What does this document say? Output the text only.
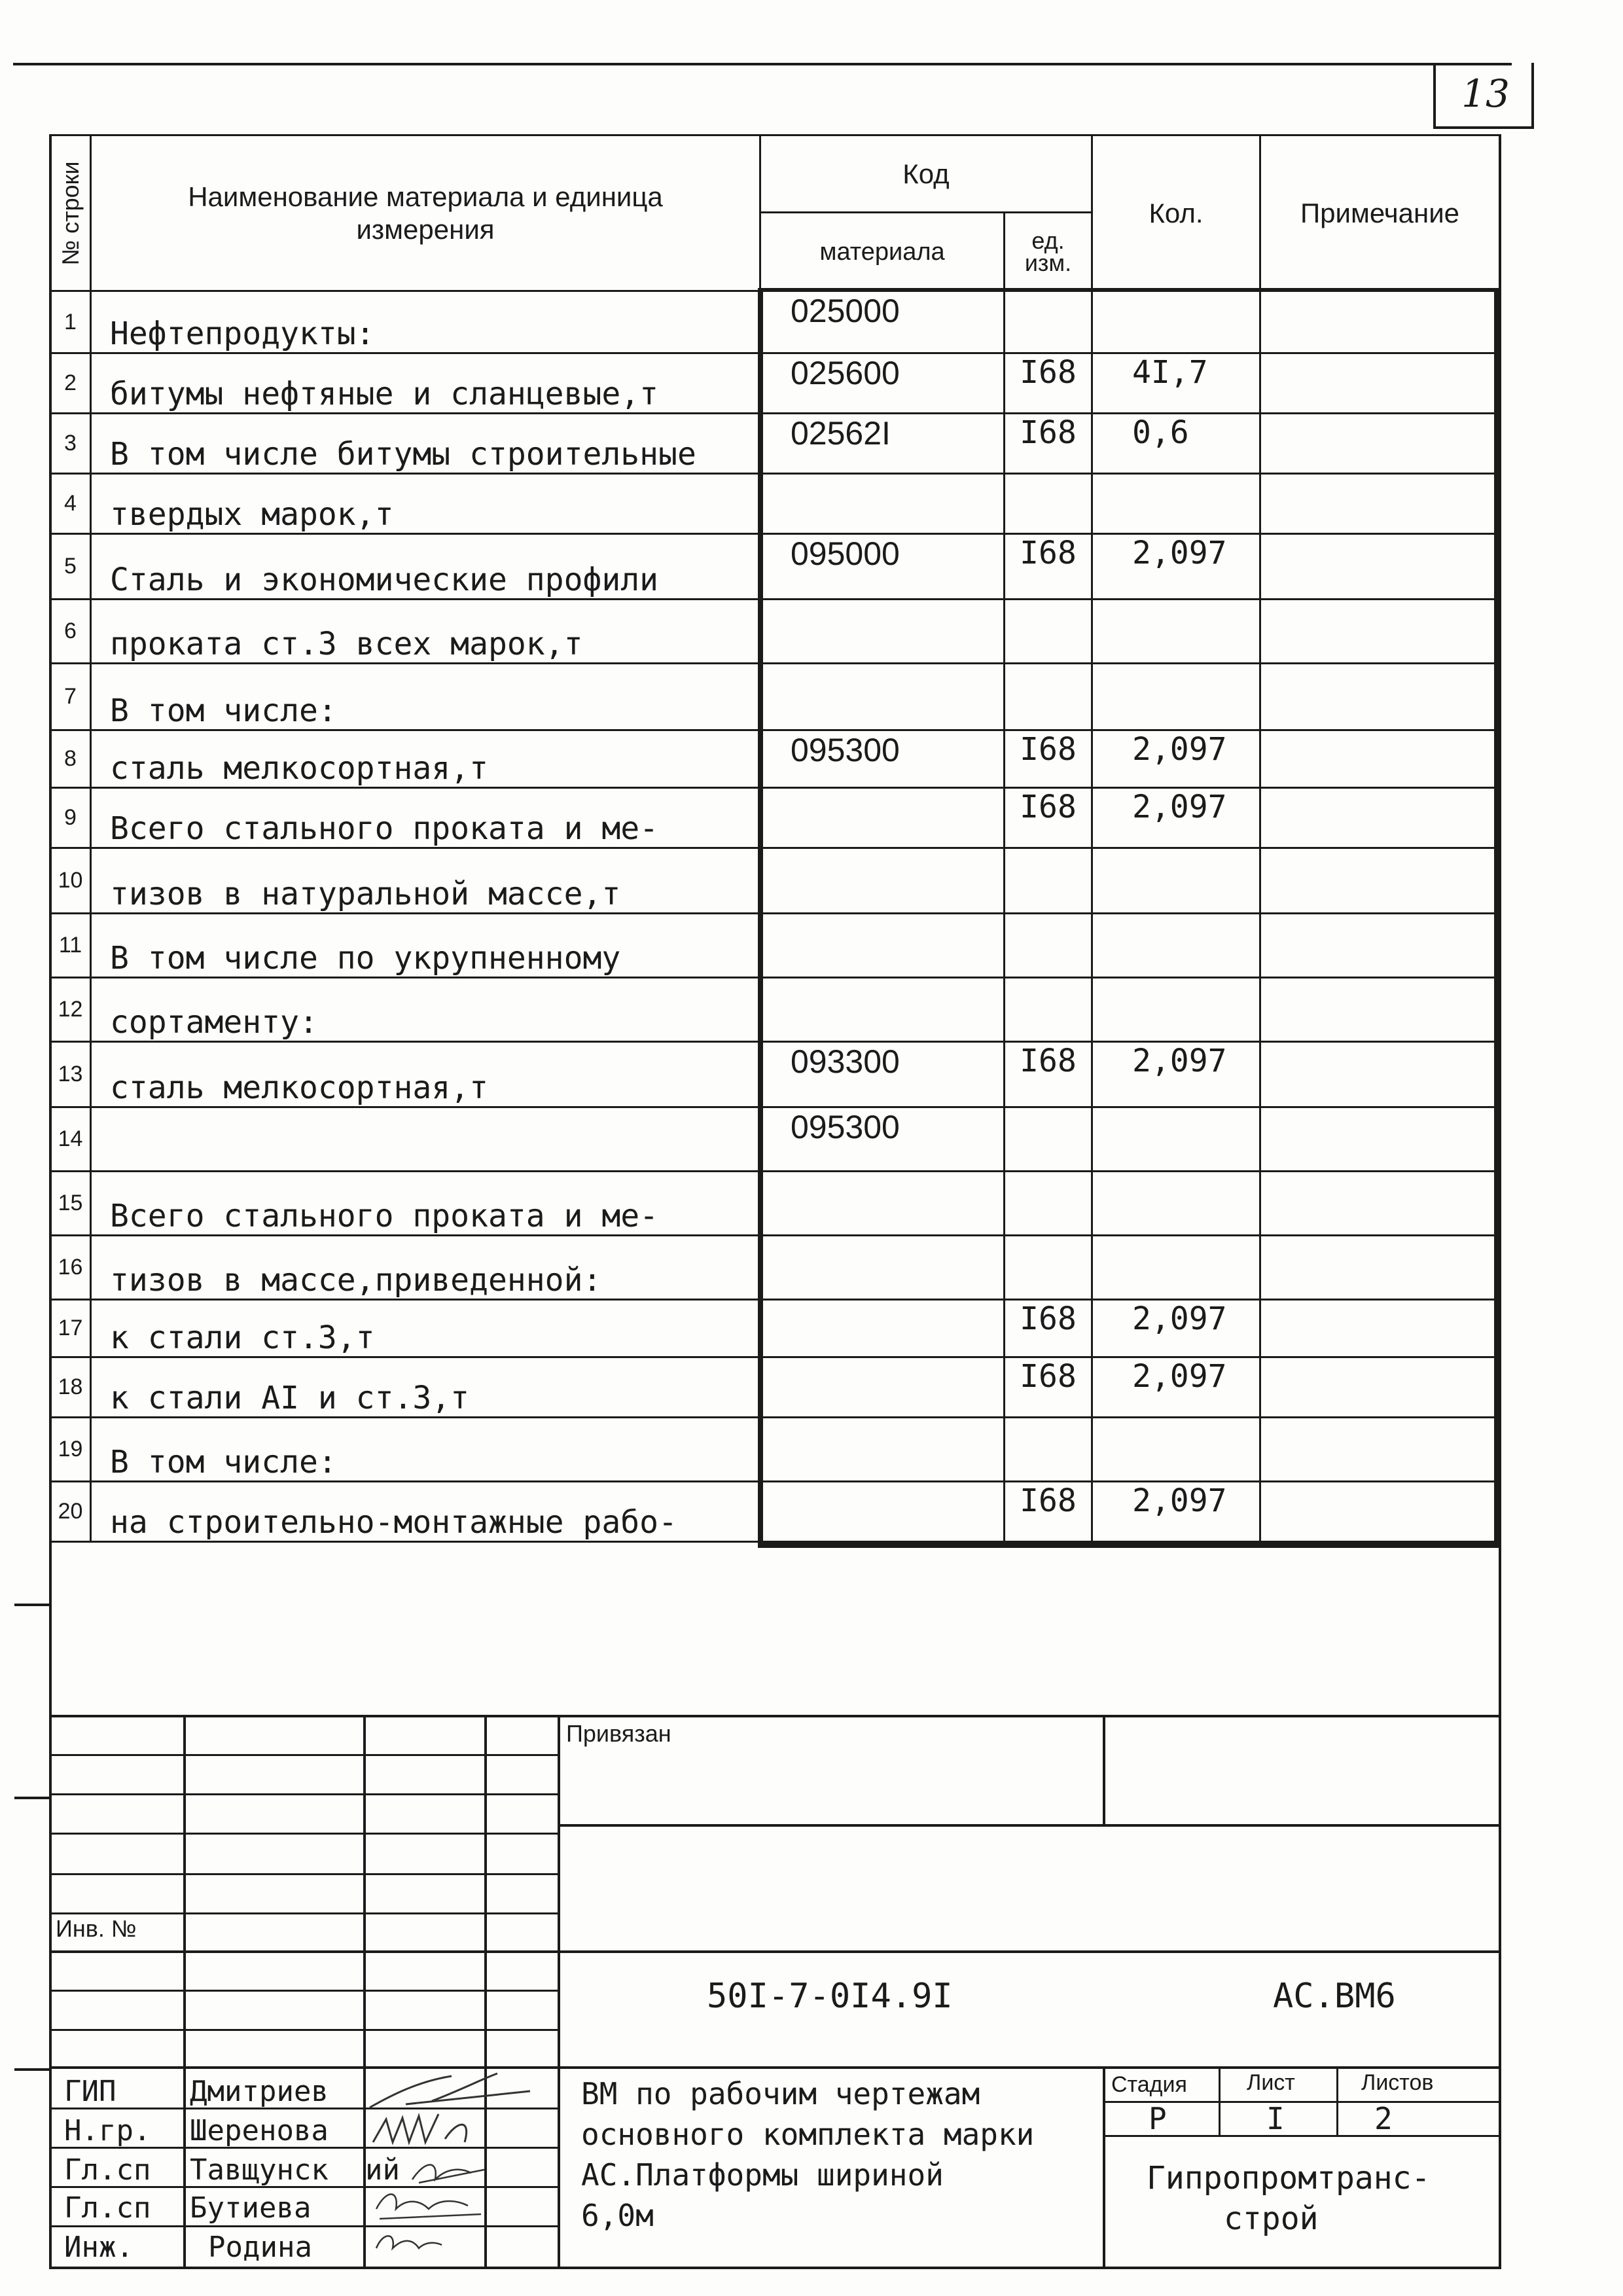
13
№ строки	Наименование материала и единица измерения	Код		Кол.	Примечание
		материала	ед.
изм.		

1	Нефтепродукты:	025000			
2	битумы нефтяные и сланцевые,т	025600	I68	4I,7	
3	В том числе битумы строительные	02562I	I68	0,6	
4	твердых марок,т				
5	Сталь и экономические профили	095000	I68	2,097	
6	проката ст.3 всех марок,т				
7	В том числе:				
8	сталь мелкосортная,т	095300	I68	2,097	
9	Всего стального проката и ме-		I68	2,097	
10	тизов в натуральной массе,т				
11	В том числе по укрупненному				
12	сортаменту:				
13	сталь мелкосортная,т	093300	I68	2,097	
14		095300			
15	Всего стального проката и ме-				
16	тизов в массе,приведенной:				
17	к стали ст.3,т		I68	2,097	
18	к стали АI и ст.3,т		I68	2,097	
19	В том числе:				
20	на строительно-монтажные рабо-		I68	2,097	
Привязан
Инв. №
50I-7-0I4.9I	АС.ВМ6
ВМ по рабочим чертежам
основного комплекта марки
АС.Платформы шириной
6,0м
Стадия	Лист	Листов
Р	I	2
Гипропромтранс-
строй
ГИП	Дмитриев
Н.гр. Шеренова
Гл.сп Тавщунск ий
Гл.сп Бутиева
Инж.	Родина
